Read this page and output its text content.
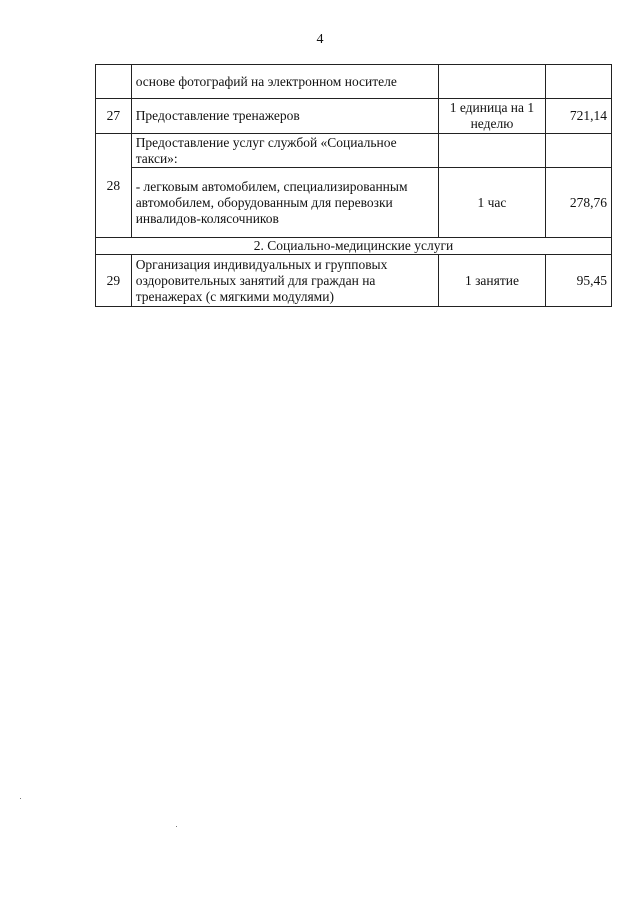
4
	основе фотографий на электронном носителе		
27	Предоставление тренажеров	1 единица на 1 неделю	721,14
28	Предоставление услуг службой «Социальное такси»:		
	- легковым автомобилем, специализированным автомобилем, оборудованным для перевозки инвалидов-колясочников	1 час	278,76
2. Социально-медицинские услуги			
29	Организация индивидуальных и групповых оздоровительных занятий для граждан на тренажерах (с мягкими модулями)	1 занятие	95,45
